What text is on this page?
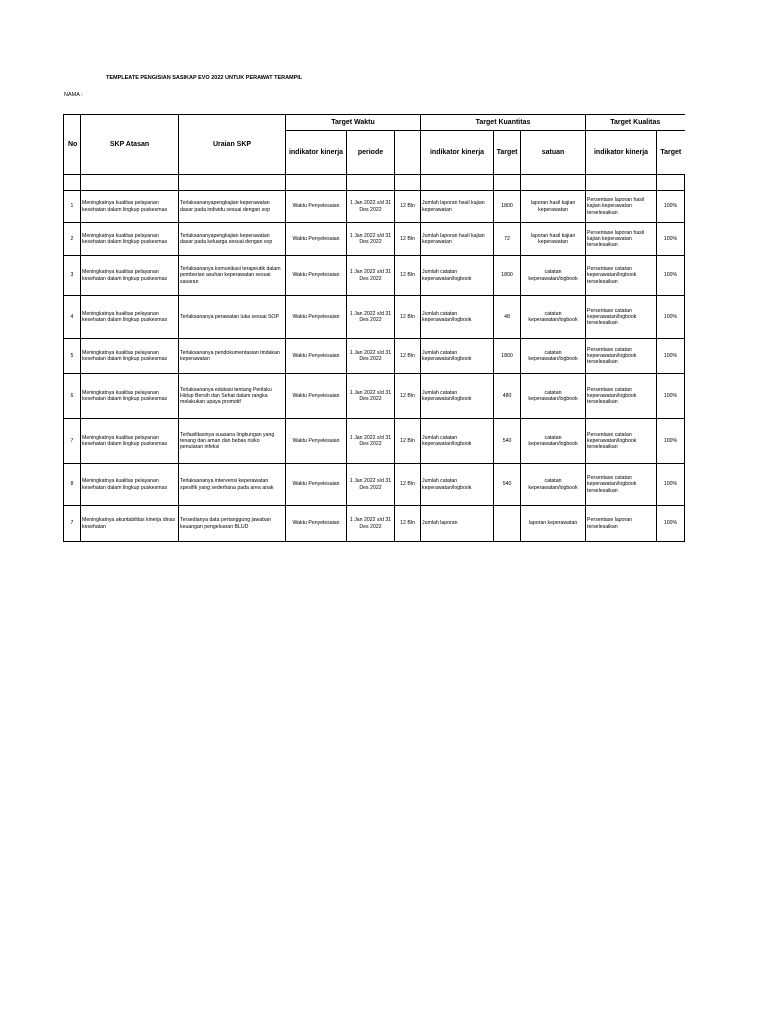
TEMPLEATE PENGISIAN SASIKAP EVO 2022 UNTUK PERAWAT TERAMPIL
NAMA :
No	SKP Atasan	Uraian SKP	Target Waktu			Target Kuantitas			Target Kualitas	
			indikator kinerja	periode		indikator kinerja	Target	satuan	indikator kinerja	Target

1	Meningkatnya kualitas pelayanan kesehatan dalam lingkup puskesmas	Terlaksananyapengkajian keperawatan dasar pada individu sesuai dengan sop	Waktu Penyelesaian	1 Jan 2022 s/d 31 Des 2022	12 Bln	Jumlah laporan hasil kajian keperawatan	1800	laporan hasil kajian keperawatan	Persentase laporan hasil kajian keperawatan terselesaikan	100%
2	Meningkatnya kualitas pelayanan kesehatan dalam lingkup puskesmas	Terlaksananyapengkajian keperawatan dasar pada keluarga sesuai dengan sop	Waktu Penyelesaian	1 Jan 2022 s/d 31 Des 2022	12 Bln	Jumlah laporan hasil kajian keperawatan	72	laporan hasil kajian keperawatan	Persentase laporan hasil kajian keperawatan terselesaikan	100%
3	Meningkatnya kualitas pelayanan kesehatan dalam lingkup puskesmas	Terlaksananya komunikasi terapeutik dalam pemberian asuhan keperawatan sesuai sasaran	Waktu Penyelesaian	1 Jan 2022 s/d 31 Des 2022	12 Bln	Jumlah catatan keperawatan/logbook	1800	catatan keperawatan/logbook	Persentase catatan keperawatan/logbook terselesaikan	100%
4	Meningkatnya kualitas pelayanan kesehatan dalam lingkup puskesmas	Terlaksananya perawatan luka sesuai SOP	Waktu Penyelesaian	1 Jan 2022 s/d 31 Des 2022	12 Bln	Jumlah catatan keperawatan/logbook	48	catatan keperawatan/logbook	Persentase catatan keperawatan/logbook terselesaikan	100%
5	Meningkatnya kualitas pelayanan kesehatan dalam lingkup puskesmas	Terlaksananya pendokumentasian tindakan keperawatan	Waktu Penyelesaian	1 Jan 2022 s/d 31 Des 2022	12 Bln	Jumlah catatan keperawatan/logbook	1800	catatan keperawatan/logbook	Persentase catatan keperawatan/logbook terselesaikan	100%
6	Meningkatnya kualitas pelayanan kesehatan dalam lingkup puskesmas	Terlaksananya edukasi tentang Perilaku Hidup Bersih dan Sehat dalam rangka melakukan upaya promotif	Waktu Penyelesaian	1 Jan 2022 s/d 31 Des 2022	12 Bln	Jumlah catatan keperawatan/logbook	480	catatan keperawatan/logbook	Persentase catatan keperawatan/logbook terselesaikan	100%
7	Meningkatnya kualitas pelayanan kesehatan dalam lingkup puskesmas	Terfasilitasinya suasana lingkungan yang tenang dan aman dan bebas risiko penularan infeksi	Waktu Penyelesaian	1 Jan 2022 s/d 31 Des 2022	12 Bln	Jumlah catatan keperawatan/logbook	540	catatan keperawatan/logbook	Persentase catatan keperawatan/logbook terselesaikan	100%
8	Meningkatnya kualitas pelayanan kesehatan dalam lingkup puskesmas	Terlaksananya intervensi keperawatan spesifik yang sederhana pada area anak	Waktu Penyelesaian	1 Jan 2022 s/d 31 Des 2022	12 Bln	Jumlah catatan keperawatan/logbook	540	catatan keperawatan/logbook	Persentase catatan keperawatan/logbook terselesaikan	100%
7	Meningkatnya akuntabilitas kinerja dinas kesehatan	Tersedianya data pertanggung jawaban keuangan pengeluaran BLUD	Waktu Penyelesaian	1 Jan 2022 s/d 31 Des 2022	12 Bln	Jumlah laporan		laporan keperawatan	Persentase laporan terselesaikan	100%
